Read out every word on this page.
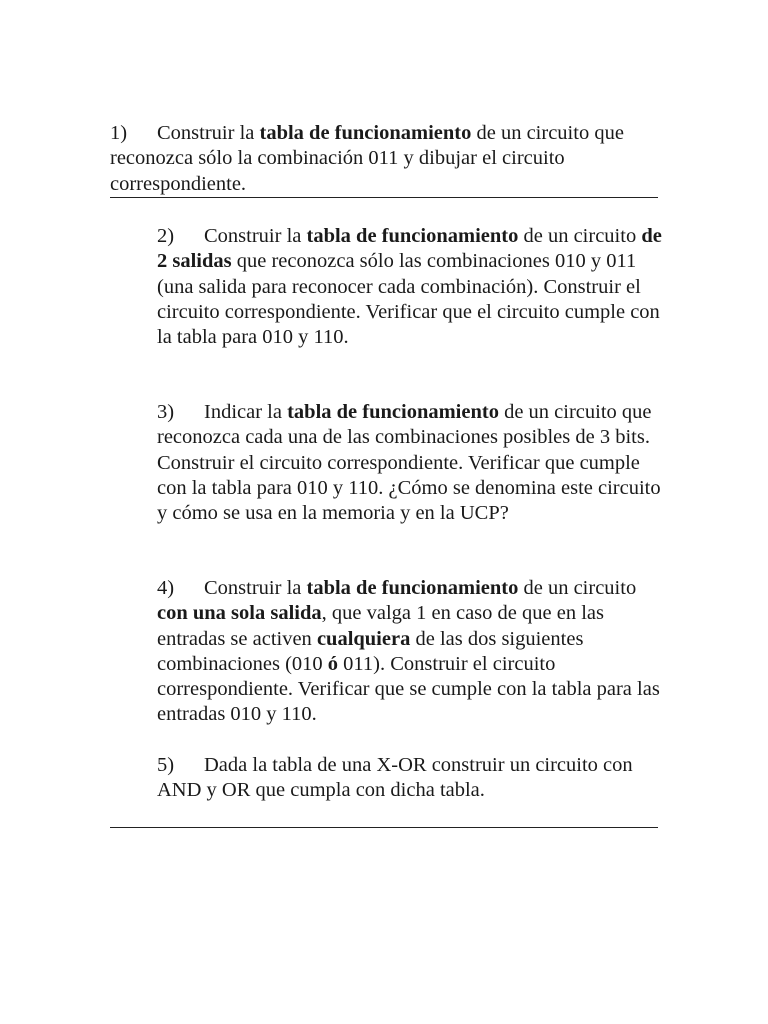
1) Construir la tabla de funcionamiento de un circuito que reconozca sólo la combinación 011 y dibujar el circuito correspondiente.

2) Construir la tabla de funcionamiento de un circuito de 2 salidas que reconozca sólo las combinaciones 010 y 011 (una salida para reconocer cada combinación). Construir el circuito correspondiente. Verificar que el circuito cumple con la tabla para 010 y 110.

3) Indicar la tabla de funcionamiento de un circuito que reconozca cada una de las combinaciones posibles de 3 bits. Construir el circuito correspondiente. Verificar que cumple con la tabla para 010 y 110. ¿Cómo se denomina este circuito y cómo se usa en la memoria y en la UCP?

4) Construir la tabla de funcionamiento de un circuito con una sola salida, que valga 1 en caso de que en las entradas se activen cualquiera de las dos siguientes combinaciones (010 ó 011). Construir el circuito correspondiente. Verificar que se cumple con la tabla para las entradas 010 y 110.

5) Dada la tabla de una X-OR construir un circuito con AND y OR que cumpla con dicha tabla.
